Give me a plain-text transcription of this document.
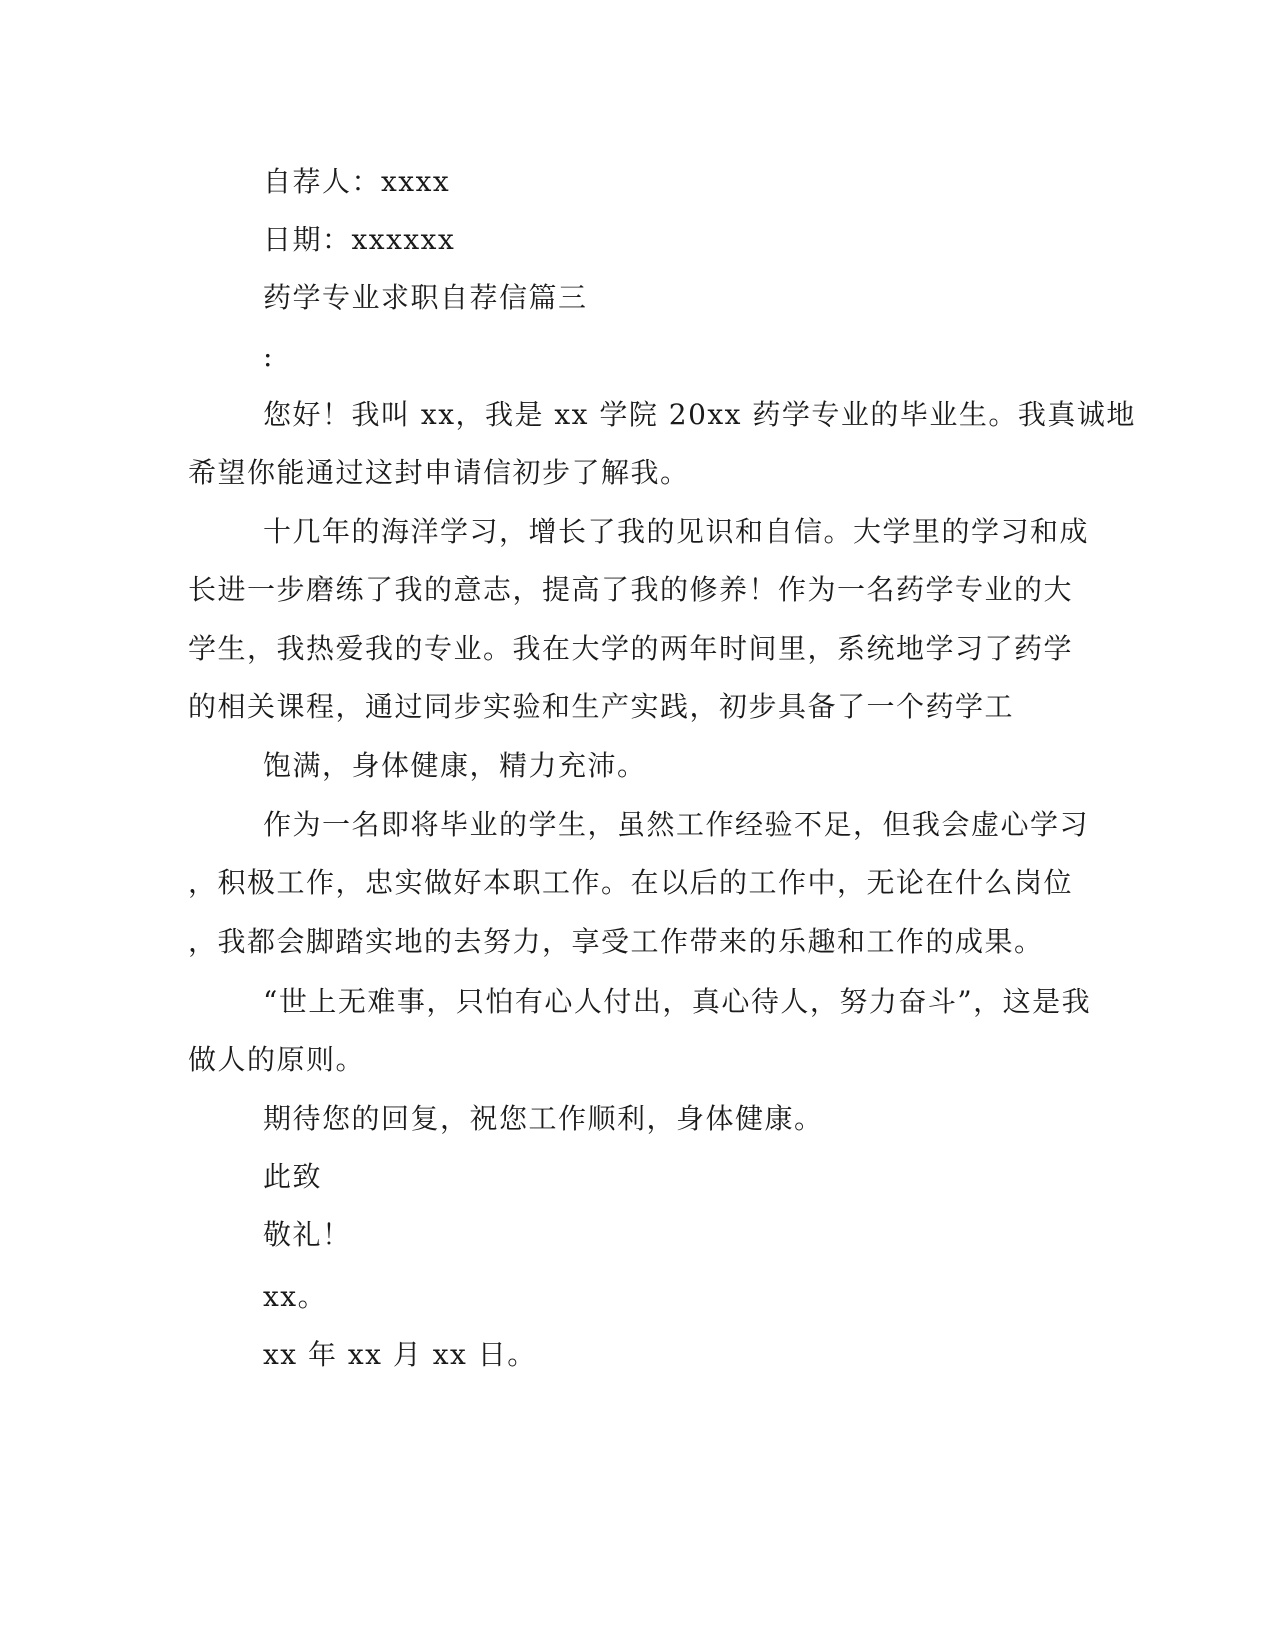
自荐人：xxxx

日期：xxxxxx

药学专业求职自荐信篇三

:

您好！我叫 xx，我是 xx 学院 20xx 药学专业的毕业生。我真诚地

希望你能通过这封申请信初步了解我。

十几年的海洋学习，增长了我的见识和自信。大学里的学习和成

长进一步磨练了我的意志，提高了我的修养！作为一名药学专业的大

学生，我热爱我的专业。我在大学的两年时间里，系统地学习了药学

的相关课程，通过同步实验和生产实践，初步具备了一个药学工

饱满，身体健康，精力充沛。

作为一名即将毕业的学生，虽然工作经验不足，但我会虚心学习

，积极工作，忠实做好本职工作。在以后的工作中，无论在什么岗位

，我都会脚踏实地的去努力，享受工作带来的乐趣和工作的成果。

“世上无难事，只怕有心人付出，真心待人，努力奋斗”，这是我

做人的原则。

期待您的回复，祝您工作顺利，身体健康。

此致

敬礼！

xx。

xx 年 xx 月 xx 日。
